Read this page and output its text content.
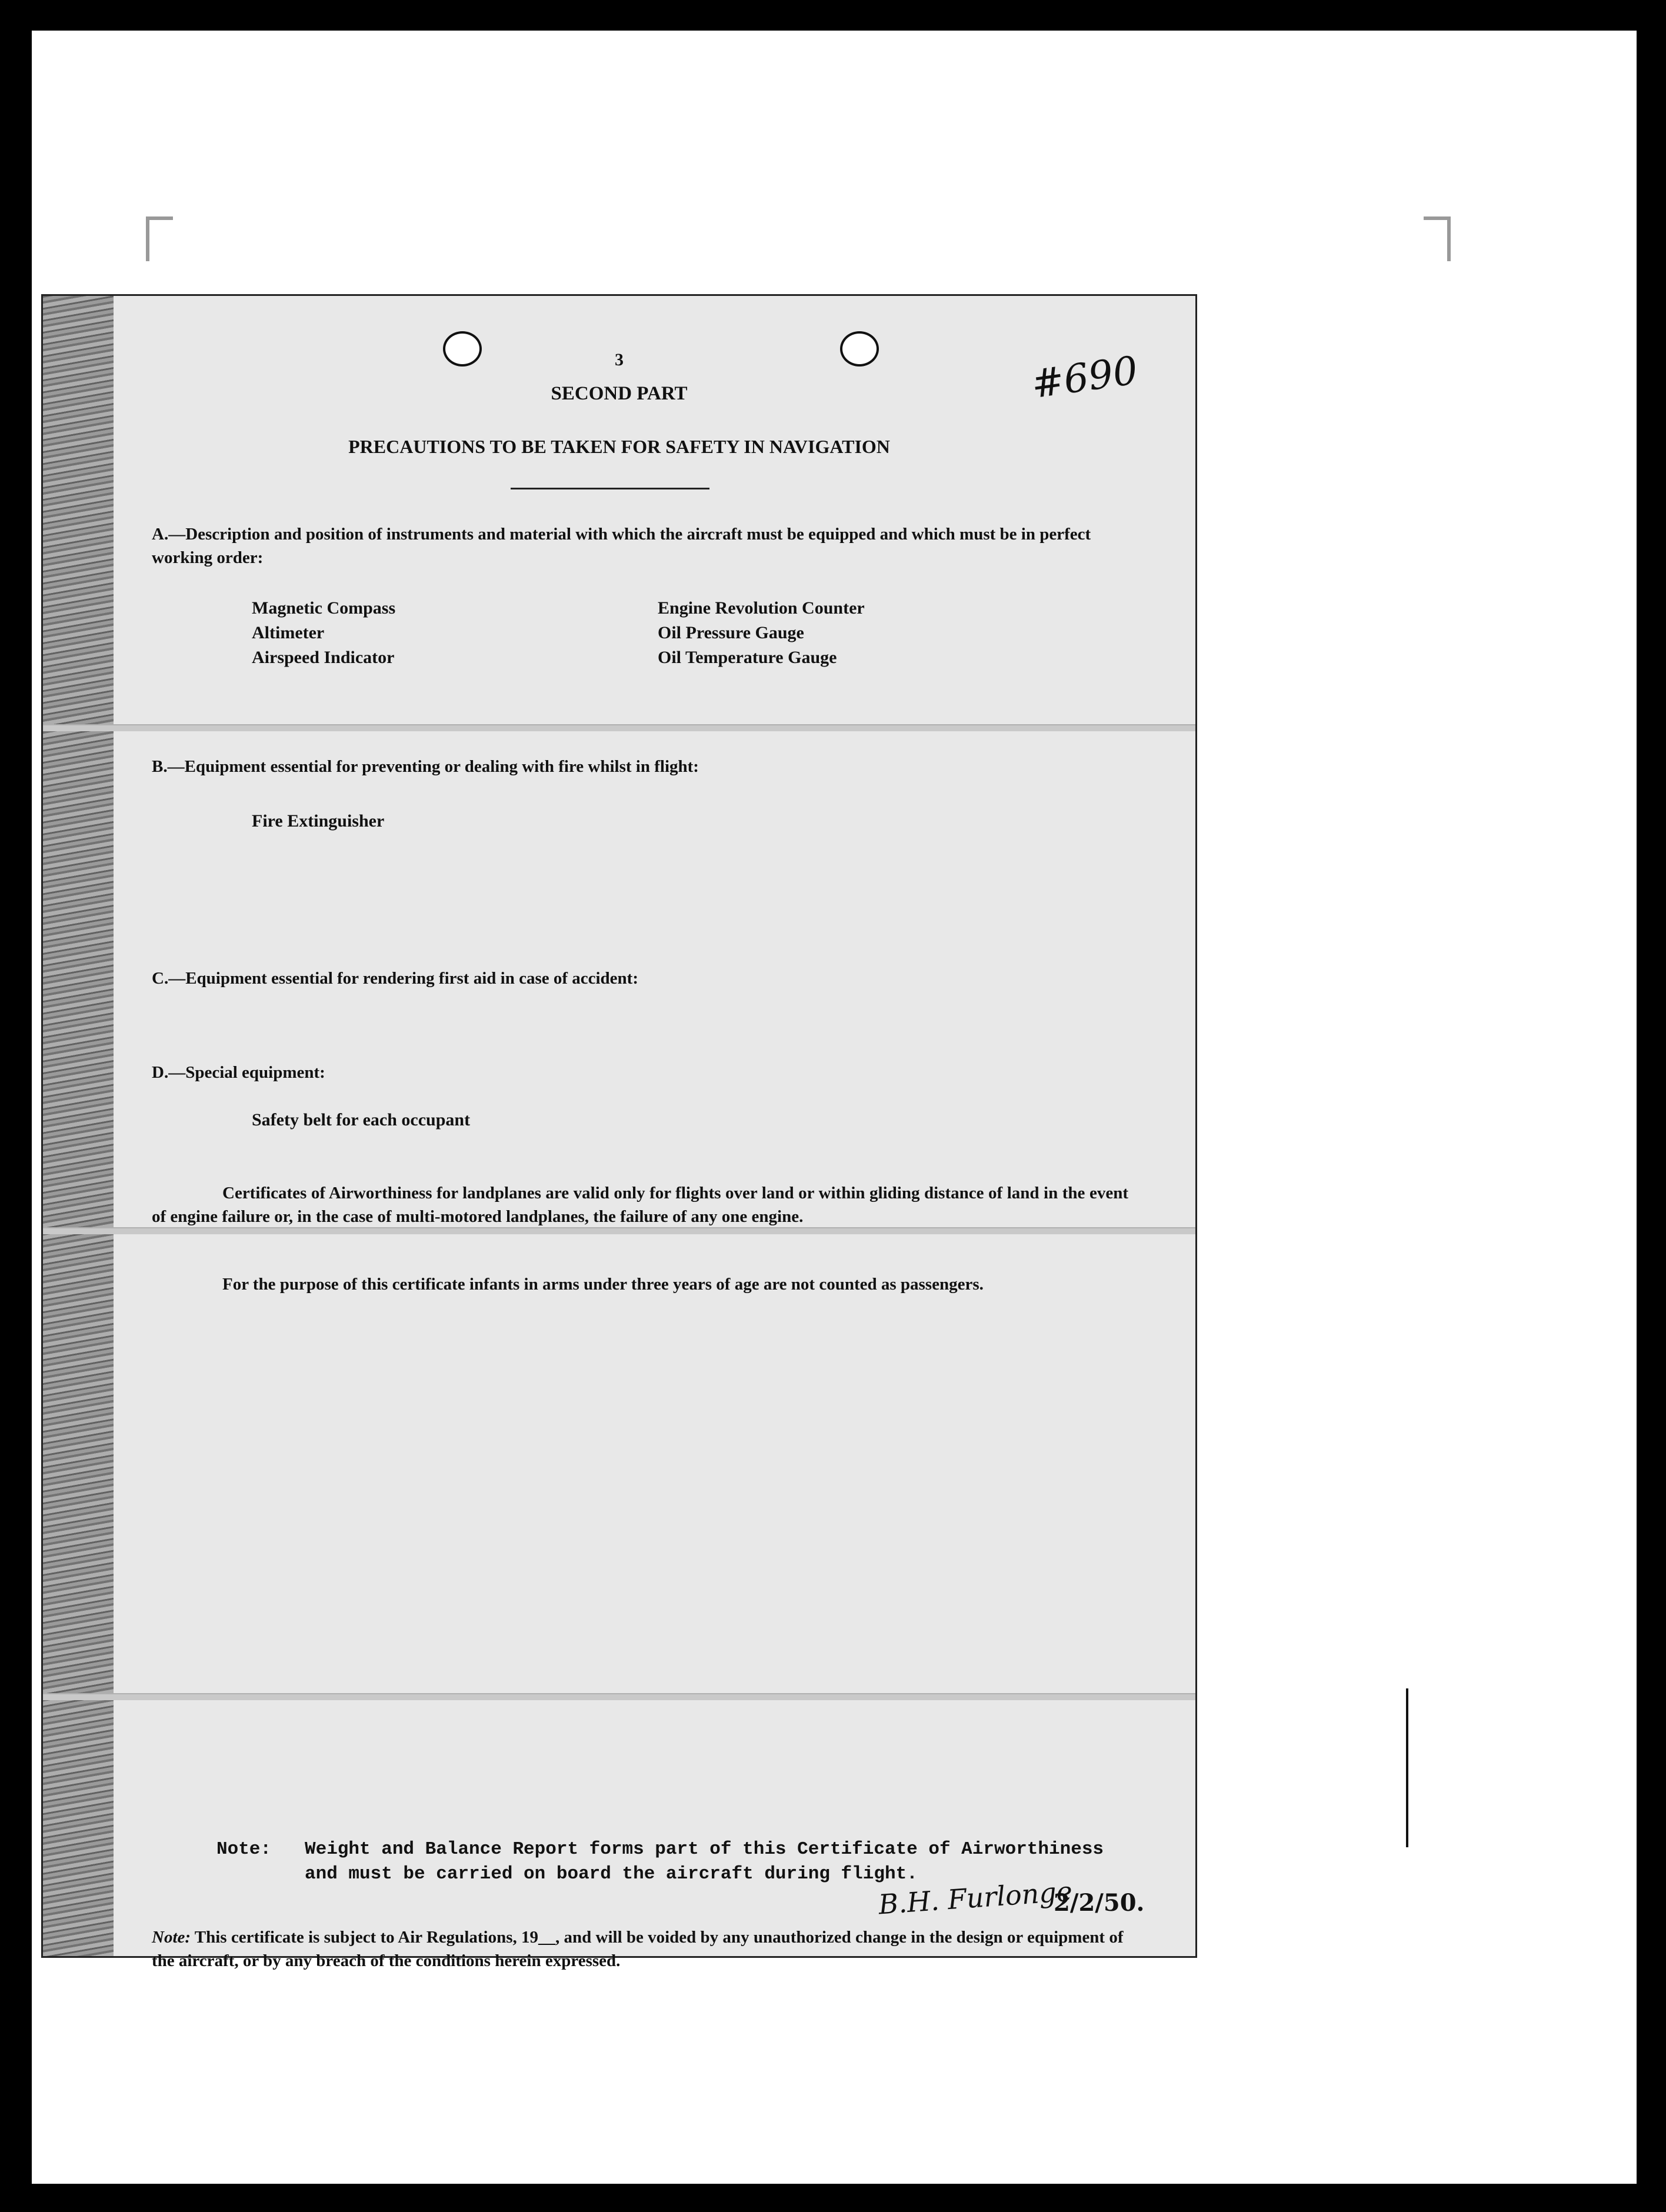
3
SECOND PART
PRECAUTIONS TO BE TAKEN FOR SAFETY IN NAVIGATION
#690
A.—Description and position of instruments and material with which the aircraft must be equipped and which must be in perfect working order:
Magnetic Compass
Altimeter
Airspeed Indicator
Engine Revolution Counter
Oil Pressure Gauge
Oil Temperature Gauge
B.—Equipment essential for preventing or dealing with fire whilst in flight:
Fire Extinguisher
C.—Equipment essential for rendering first aid in case of accident:
D.—Special equipment:
Safety belt for each occupant
Certificates of Airworthiness for landplanes are valid only for flights over land or within gliding distance of land in the event of engine failure or, in the case of multi-motored landplanes, the failure of any one engine.
For the purpose of this certificate infants in arms under three years of age are not counted as passengers.
Note: Weight and Balance Report forms part of this Certificate of Airworthiness
and must be carried on board the aircraft during flight.
B.H. Furlonge
2/2/50.
Note: This certificate is subject to Air Regulations, 19__, and will be voided by any unauthorized change in the design or equipment of the aircraft, or by any breach of the conditions herein expressed.
